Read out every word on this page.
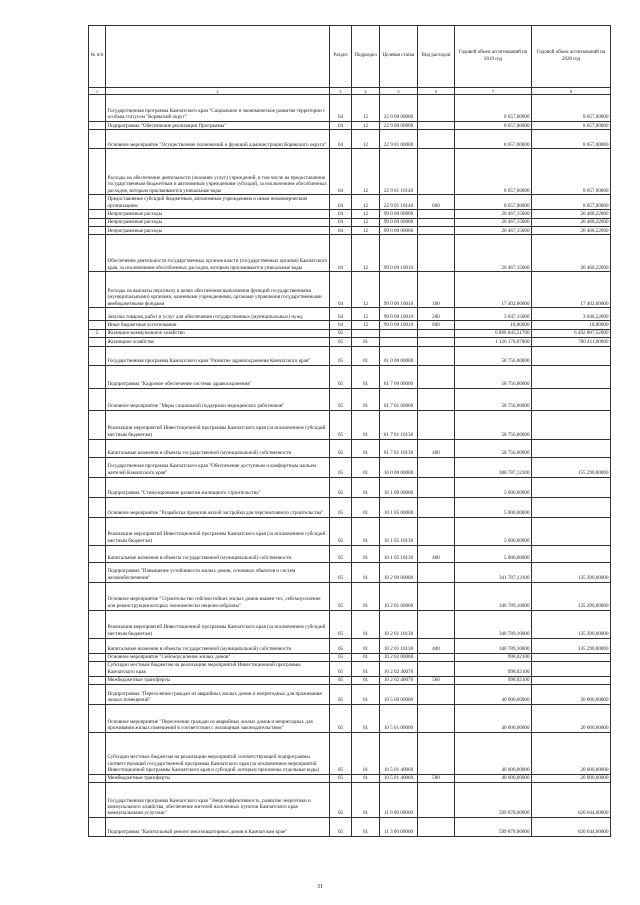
№ п/п		Раздел	Подраздел	Целевая статья	Вид расходов	Годовой объем ассигнований на 2019 год	Годовой объем ассигнований на 2020 год
1	2	3	4	5	6	7	8
	Государственная программа Камчатского края "Социальное и экономическое развитие территории с особым статусом "Корякский округ"	04	12	22 0 00 00000		8 657,00000	8 657,00000
	Подпрограмма "Обеспечение реализации Программы"	04	12	22 9 00 00000		8 657,00000	8 657,00000
	Основное мероприятие "Осуществление полномочий и функций администрации Корякского округа"	04	12	22 9 01 00000		8 657,00000	8 657,00000
	Расходы на обеспечение деятельности (оказание услуг) учреждений, в том числе на предоставление государственным бюджетным и автономным учреждениям субсидий, за исключением обособленных расходов, которым присваиваются уникальные коды	04	12	22 9 01 10140		8 657,00000	8 657,00000
	Предоставление субсидий бюджетным, автономным учреждениям и иным некоммерческим организациям	04	12	22 9 01 10140	600	8 657,00000	8 657,00000
	Непрограммные расходы	04	12	99 0 00 00000		20 467,15000	20 468,22000
	Непрограммные расходы	04	12	99 0 00 00000		20 467,15000	20 468,22000
	Непрограммные расходы	04	12	99 0 00 00000		20 467,15000	20 468,22000
	Обеспечение деятельности государственных органов власти (государственных органов) Камчатского края, за исключением обособленных расходов, которым присваиваются уникальные коды	04	12	99 0 00 10010		20 467,15000	20 468,22000
	Расходы на выплаты персоналу в целях обеспечения выполнения функций государственными (муниципальными) органами, казенными учреждениями, органами управления государственными внебюджетными фондами	04	12	99 0 00 10010	100	17 402,00000	17 402,00000
	Закупка товаров, работ и услуг для обеспечения государственных (муниципальных) нужд	04	12	99 0 00 10010	200	3 047,15000	3 048,22000
	Иные бюджетные ассигнования	04	12	99 0 00 10010	800	18,00000	18,00000
5	Жилищно-коммунальное хозяйство	05				6 896 845,51700	6 492 807,52000
	Жилищное хозяйство	05	01			1 126 178,07800	780 411,00000
	Государственная программа Камчатского края "Развитие здравоохранения Камчатского края"	05	01	01 0 00 00000		58 756,00000	
	Подпрограмма "Кадровое обеспечение системы здравоохранения"	05	01	01 7 00 00000		58 756,00000	
	Основное мероприятие "Меры социальной поддержки медицинских работников"	05	01	01 7 01 00000		58 756,00000	
	Реализация мероприятий Инвестиционной программы Камчатского края (за исключением субсидий местным бюджетам)	05	01	01 7 01 10130		58 756,00000	
	Капитальные вложения в объекты государственной (муниципальной) собственности	05	01	01 7 01 10130	400	58 756,00000	
	Государственная программа Камчатского края "Обеспечение доступным и комфортным жильем жителей Камчатского края"	05	01	10 0 00 00000		388 787,12100	155 290,00000
	Подпрограмма "Стимулирование развития жилищного строительства"	05	01	10 1 00 00000		5 000,00000	
	Основное мероприятие "Разработка проектов жилой застройки для перспективного строительства"	05	01	10 1 05 00000		5 000,00000	
	Реализация мероприятий Инвестиционной программы Камчатского края (за исключением субсидий местным бюджетам)	05	01	10 1 05 10130		5 000,00000	
	Капитальные вложения в объекты государственной (муниципальной) собственности	05	01	10 1 05 10130	400	5 000,00000	
	Подпрограмма "Повышение устойчивости жилых домов, основных объектов и систем жизнеобеспечения"	05	01	10 2 00 00000		341 787,12100	135 290,00000
	Основное мероприятие "Строительство сейсмостойких жилых домов взамен тех, сейсмоусиление или реконструкция которых экономически нецелесообразны"	05	01	10 2 01 00000		340 789,10000	135 290,00000
	Реализация мероприятий Инвестиционной программы Камчатского края (за исключением субсидий местным бюджетам)	05	01	10 2 01 10130		340 789,10000	135 290,00000
	Капитальные вложения в объекты государственной (муниципальной) собственности	05	01	10 2 01 10130	400	340 789,10000	135 290,00000
	Основное мероприятие "Сейсмоусиление жилых домов"	05	01	10 2 02 00000		998,02100	
	Субсидии местным бюджетам на реализацию мероприятий Инвестиционной программы Камчатского края	05	01	10 2 02 40070		998,02100	
	Межбюджетные трансферты	05	01	10 2 02 40070	500	998,02100	
	Подпрограмма "Переселение граждан из аварийных жилых домов и непригодных для проживания жилых помещений"	05	01	10 5 00 00000		40 000,00000	20 000,00000
	Основное мероприятие "Переселение граждан из аварийных жилых домов и непригодных для проживания жилых помещений в соответствии с жилищным законодательством"	05	01	10 5 01 00000		40 000,00000	20 000,00000
	Субсидии местным бюджетам на реализацию мероприятий соответствующей подпрограммы соответствующей государственной программы Камчатского края (за исключением мероприятий Инвестиционной программы Камчатского края и субсидий, которым присвоены отдельные коды)	05	01	10 5 01 40060		40 000,00000	20 000,00000
	Межбюджетные трансферты	05	01	10 5 01 40060	500	40 000,00000	20 000,00000
	Государственная программа Камчатского края "Энергоэффективность, развитие энергетики и коммунального хозяйства, обеспечение жителей населенных пунктов Камчатского края коммунальными услугами"	05	01	11 0 00 00000		599 878,00000	620 644,00000
	Подпрограмма "Капитальный ремонт многоквартирных домов в Камчатском крае"	05	01	11 3 00 00000		599 878,00000	620 644,00000
31
